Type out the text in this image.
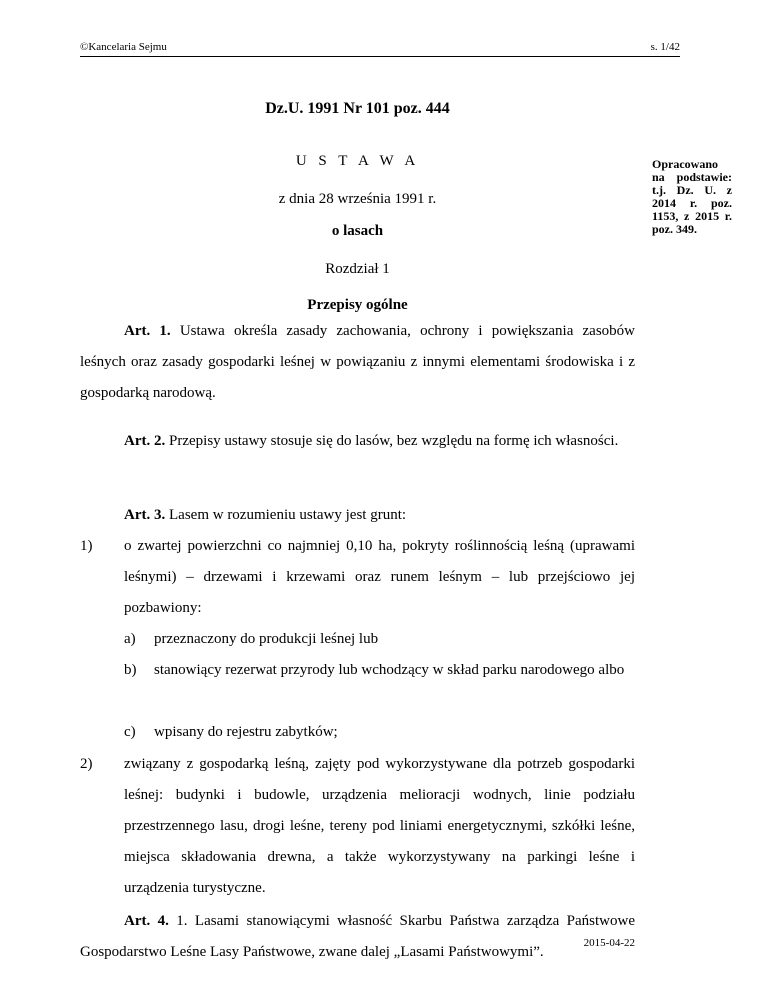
©Kancelaria Sejmu	s. 1/42
Dz.U. 1991 Nr 101 poz. 444
U S T A W A
z dnia 28 września 1991 r.
o lasach
Opracowano na podstawie: t.j. Dz. U. z 2014 r. poz. 1153, z 2015 r. poz. 349.
Rozdział 1
Przepisy ogólne

Art. 1. Ustawa określa zasady zachowania, ochrony i powiększania zasobów leśnych oraz zasady gospodarki leśnej w powiązaniu z innymi elementami środowiska i z gospodarką narodową.

Art. 2. Przepisy ustawy stosuje się do lasów, bez względu na formę ich własności.

Art. 3. Lasem w rozumieniu ustawy jest grunt:

1) o zwartej powierzchni co najmniej 0,10 ha, pokryty roślinnością leśną (uprawami leśnymi) – drzewami i krzewami oraz runem leśnym – lub przejściowo jej pozbawiony:
a) przeznaczony do produkcji leśnej lub
b) stanowiący rezerwat przyrody lub wchodzący w skład parku narodowego albo
c) wpisany do rejestru zabytków;
2) związany z gospodarką leśną, zajęty pod wykorzystywane dla potrzeb gospodarki leśnej: budynki i budowle, urządzenia melioracji wodnych, linie podziału przestrzennego lasu, drogi leśne, tereny pod liniami energetycznymi, szkółki leśne, miejsca składowania drewna, a także wykorzystywany na parkingi leśne i urządzenia turystyczne.

Art. 4. 1. Lasami stanowiącymi własność Skarbu Państwa zarządza Państwowe Gospodarstwo Leśne Lasy Państwowe, zwane dalej „Lasami Państwowymi”.

2015-04-22
